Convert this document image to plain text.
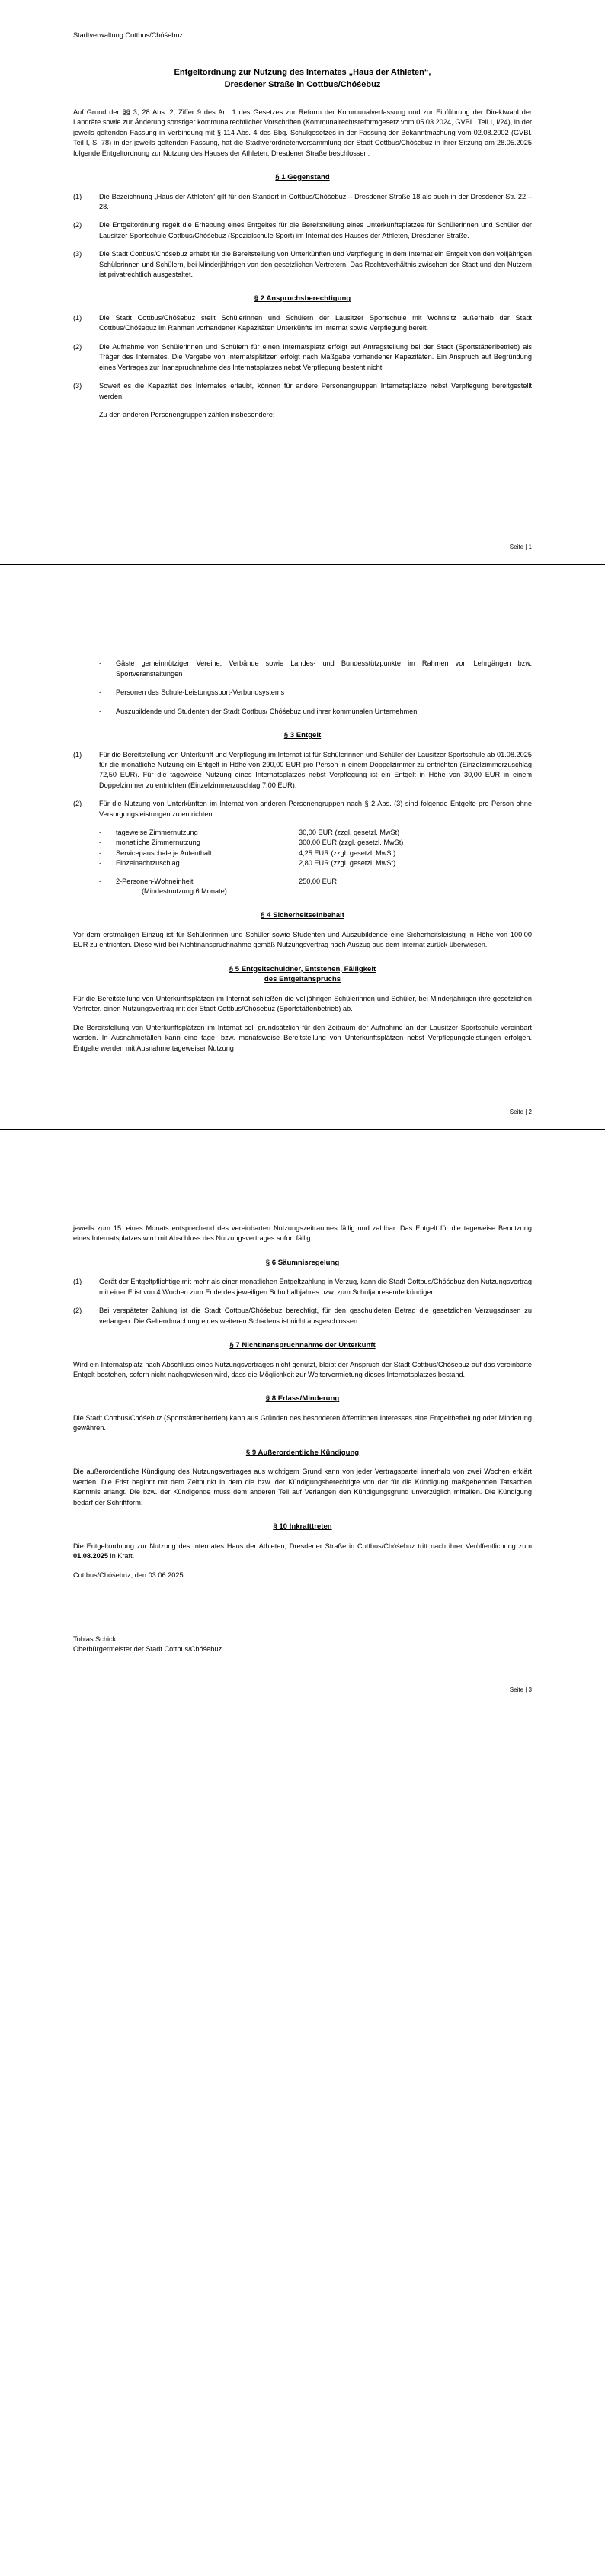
Stadtverwaltung Cottbus/Chóśebuz
Entgeltordnung zur Nutzung des Internates „Haus der Athleten“,
Dresdener Straße in Cottbus/Chóśebuz

Auf Grund der §§ 3, 28 Abs. 2, Ziffer 9 des Art. 1 des Gesetzes zur Reform der Kommunalverfassung und zur Einführung der Direktwahl der Landräte sowie zur Änderung sonstiger kommunalrechtlicher Vorschriften (Kommunalrechtsreformgesetz vom 05.03.2024, GVBL. Teil I, I/24), in der jeweils geltenden Fassung in Verbindung mit § 114 Abs. 4 des Bbg. Schulgesetzes in der Fassung der Bekanntmachung vom 02.08.2002 (GVBl. Teil I, S. 78) in der jeweils geltenden Fassung, hat die Stadtverordnetenversammlung der Stadt Cottbus/Chóśebuz in ihrer Sitzung am 28.05.2025 folgende Entgeltordnung zur Nutzung des Hauses der Athleten, Dresdener Straße beschlossen:

§ 1 Gegenstand
(1)	Die Bezeichnung „Haus der Athleten“ gilt für den Standort in Cottbus/Chóśebuz – Dresdener Straße 18 als auch in der Dresdener Str. 22 – 28.
(2)	Die Entgeltordnung regelt die Erhebung eines Entgeltes für die Bereitstellung eines Unterkunftsplatzes für Schülerinnen und Schüler der Lausitzer Sportschule Cottbus/Chóśebuz (Spezialschule Sport) im Internat des Hauses der Athleten, Dresdener Straße.
(3)	Die Stadt Cottbus/Chóśebuz erhebt für die Bereitstellung von Unterkünften und Verpflegung in dem Internat ein Entgelt von den volljährigen Schülerinnen und Schülern, bei Minderjährigen von den gesetzlichen Vertretern. Das Rechtsverhältnis zwischen der Stadt und den Nutzern ist privatrechtlich ausgestaltet.
§ 2 Anspruchsberechtigung
(1)	Die Stadt Cottbus/Chóśebuz stellt Schülerinnen und Schülern der Lausitzer Sportschule mit Wohnsitz außerhalb der Stadt Cottbus/Chóśebuz im Rahmen vorhandener Kapazitäten Unterkünfte im Internat sowie Verpflegung bereit.
(2)	Die Aufnahme von Schülerinnen und Schülern für einen Internatsplatz erfolgt auf Antragstellung bei der Stadt (Sportstätteribetrieb) als Träger des Internates. Die Vergabe von Internatsplätzen erfolgt nach Maßgabe vorhandener Kapazitäten. Ein Anspruch auf Begründung eines Vertrages zur Inanspruchnahme des Internatsplatzes nebst Verpflegung besteht nicht.
(3)	Soweit es die Kapazität des Internates erlaubt, können für andere Personengruppen Internatsplätze nebst Verpflegung bereitgestellt werden.

Zu den anderen Personengruppen zählen insbesondere:

Seite | 1
-	Gäste gemeinnütziger Vereine, Verbände sowie Landes- und Bundesstützpunkte im Rahmen von Lehrgängen bzw. Sportveranstaltungen
-	Personen des Schule-Leistungssport-Verbundsystems
-	Auszubildende und Studenten der Stadt Cottbus/ Chóśebuz und ihrer kommunalen Unternehmen
§ 3 Entgelt
(1)	Für die Bereitstellung von Unterkunft und Verpflegung im Internat ist für Schülerinnen und Schüler der Lausitzer Sportschule ab 01.08.2025 für die monatliche Nutzung ein Entgelt in Höhe von 290,00 EUR pro Person in einem Doppelzimmer zu entrichten (Einzelzimmerzuschlag 72,50 EUR). Für die tageweise Nutzung eines Internatsplatzes nebst Verpflegung ist ein Entgelt in Höhe von 30,00 EUR in einem Doppelzimmer zu entrichten (Einzelzimmerzuschlag 7,00 EUR).
(2)	Für die Nutzung von Unterkünften im Internat von anderen Personengruppen nach § 2 Abs. (3) sind folgende Entgelte pro Person ohne Versorgungsleistungen zu entrichten:
-	tageweise Zimmernutzung	30,00 EUR (zzgl. gesetzl. MwSt)
-	monatliche Zimmernutzung	300,00 EUR (zzgl. gesetzl. MwSt)
-	Servicepauschale je Aufenthalt	4,25 EUR (zzgl. gesetzl. MwSt)
-	Einzelnachtzuschlag	2,80 EUR (zzgl. gesetzl. MwSt)
-	2-Personen-Wohneinheit	250,00 EUR
(Mindestnutzung 6 Monate)
§ 4 Sicherheitseinbehalt

Vor dem erstmaligen Einzug ist für Schülerinnen und Schüler sowie Studenten und Auszubildende eine Sicherheitsleistung in Höhe von 100,00 EUR zu entrichten. Diese wird bei Nichtinanspruchnahme gemäß Nutzungsvertrag nach Auszug aus dem Internat zurück überwiesen.

§ 5 Entgeltschuldner, Entstehen, Fälligkeit
des Entgeltanspruchs

Für die Bereitstellung von Unterkunftsplätzen im Internat schließen die volljährigen Schülerinnen und Schüler, bei Minderjährigen ihre gesetzlichen Vertreter, einen Nutzungsvertrag mit der Stadt Cottbus/Chóśebuz (Sportstättenbetrieb) ab.

Die Bereitstellung von Unterkunftsplätzen im Internat soll grundsätzlich für den Zeitraum der Aufnahme an der Lausitzer Sportschule vereinbart werden. In Ausnahmefällen kann eine tage- bzw. monatsweise Bereitstellung von Unterkunftsplätzen nebst Verpflegungsleistungen erfolgen. Entgelte werden mit Ausnahme tageweiser Nutzung

Seite | 2

jeweils zum 15. eines Monats entsprechend des vereinbarten Nutzungszeitraumes fällig und zahlbar. Das Entgelt für die tageweise Benutzung eines Internatsplatzes wird mit Abschluss des Nutzungsvertrages sofort fällig.

§ 6 Säumnisregelung
(1)	Gerät der Entgeltpflichtige mit mehr als einer monatlichen Entgeltzahlung in Verzug, kann die Stadt Cottbus/Chóśebuz den Nutzungsvertrag mit einer Frist von 4 Wochen zum Ende des jeweiligen Schulhalbjahres bzw. zum Schuljahresende kündigen.
(2)	Bei verspäteter Zahlung ist die Stadt Cottbus/Chóśebuz berechtigt, für den geschuldeten Betrag die gesetzlichen Verzugszinsen zu verlangen. Die Geltendmachung eines weiteren Schadens ist nicht ausgeschlossen.
§ 7 Nichtinanspruchnahme der Unterkunft

Wird ein Internatsplatz nach Abschluss eines Nutzungsvertrages nicht genutzt, bleibt der Anspruch der Stadt Cottbus/Chóśebuz auf das vereinbarte Entgelt bestehen, sofern nicht nachgewiesen wird, dass die Möglichkeit zur Weitervermietung dieses Internatsplatzes bestand.

§ 8 Erlass/Minderung

Die Stadt Cottbus/Chóśebuz (Sportstättenbetrieb) kann aus Gründen des besonderen öffentlichen Interesses eine Entgeltbefreiung oder Minderung gewähren.

§ 9 Außerordentliche Kündigung

Die außerordentliche Kündigung des Nutzungsvertrages aus wichtigem Grund kann von jeder Vertragspartei innerhalb von zwei Wochen erklärt werden. Die Frist beginnt mit dem Zeitpunkt in dem die bzw. der Kündigungsberechtigte von der für die Kündigung maßgebenden Tatsachen Kenntnis erlangt. Die bzw. der Kündigende muss dem anderen Teil auf Verlangen den Kündigungsgrund unverzüglich mitteilen. Die Kündigung bedarf der Schriftform.

§ 10 Inkrafttreten

Die Entgeltordnung zur Nutzung des Internates Haus der Athleten, Dresdener Straße in Cottbus/Chóśebuz tritt nach ihrer Veröffentlichung zum 01.08.2025 in Kraft.

Cottbus/Chóśebuz, den 03.06.2025

Tobias Schick
Oberbürgermeister der Stadt Cottbus/Chóśebuz
Seite | 3
